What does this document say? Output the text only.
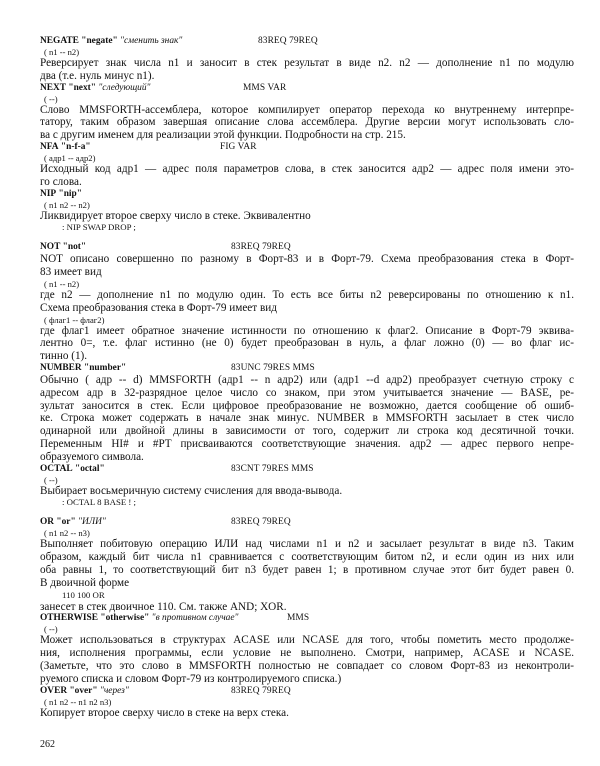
NEGATE "negate" "сменить знак"	83REQ 79REQ
( n1 -- n2)
Реверсирует знак числа n1 и заносит в стек результат в виде n2. n2 — дополнение n1 по модулю
два (т.е. нуль минус n1).
NEXT "next" "следующий"	MMS VAR
( --)
Слово MMSFORTH-ассемблера, которое компилирует оператор перехода ко внутреннему интерпре-
татору, таким образом завершая описание слова ассемблера. Другие версии могут использовать сло-
ва с другим именем для реализации этой функции. Подробности на стр. 215.
NFA "n-f-a"	FIG VAR
( адр1 -- адр2)
Исходный код адр1 — адрес поля параметров слова, в стек заносится адр2 — адрес поля имени это-
го слова.
NIP "nip"
( n1 n2 -- n2)
Ликвидирует второе сверху число в стеке. Эквивалентно
: NIP SWAP DROP ;
NOT "not"	83REQ 79REQ
NOT описано совершенно по разному в Форт-83 и в Форт-79. Схема преобразования стека в Форт-
83 имеет вид
( n1 -- n2)
где n2 — дополнение n1 по модулю один. То есть все биты n2 реверсированы по отношению к n1.
Схема преобразования стека в Форт-79 имеет вид
( флаг1 -- флаг2)
где флаг1 имеет обратное значение истинности по отношению к флаг2. Описание в Форт-79 эквива-
лентно 0=, т.е. флаг истинно (не 0) будет преобразован в нуль, а флаг ложно (0) — во флаг ис-
тинно (1).
NUMBER "number"	83UNC 79RES MMS
Обычно ( адр -- d) MMSFORTH (адр1 -- n адр2) или (адр1 --d адр2) преобразует счетную строку с
адресом адр в 32-разрядное целое число со знаком, при этом учитывается значение — BASE, ре-
зультат заносится в стек. Если цифровое преобразование не возможно, дается сообщение об ошиб-
ке. Строка может содержать в начале знак минус. NUMBER в MMSFORTH засылает в стек число
одинарной или двойной длины в зависимости от того, содержит ли строка код десятичной точки.
Переменным HI# и #PT присваиваются соответствующие значения. адр2 — адрес первого непре-
образуемого символа.
OCTAL "octal"	83CNT 79RES MMS
( --)
Выбирает восьмеричную систему счисления для ввода-вывода.
: OCTAL 8 BASE ! ;
OR "or" "ИЛИ"	83REQ 79REQ
( n1 n2 -- n3)
Выполняет побитовую операцию ИЛИ над числами n1 и n2 и засылает результат в виде n3. Таким
образом, каждый бит числа n1 сравнивается с соответствующим битом n2, и если один из них или
оба равны 1, то соответствующий бит n3 будет равен 1; в противном случае этот бит будет равен 0.
В двоичной форме
110 100 OR
занесет в стек двоичное 110. См. также AND; XOR.
OTHERWISE "otherwise" "в противном случае"	MMS
( --)
Может использоваться в структурах ACASE или NCASE для того, чтобы пометить место продолже-
ния, исполнения программы, если условие не выполнено. Смотри, например, ACASE и NCASE.
(Заметьте, что это слово в MMSFORTH полностью не совпадает со словом Форт-83 из неконтроли-
руемого списка и словом Форт-79 из контролируемого списка.)
OVER "over" "через"	83REQ 79REQ
( n1 n2 -- n1 n2 n3)
Копирует второе сверху число в стеке на верх стека.
262
